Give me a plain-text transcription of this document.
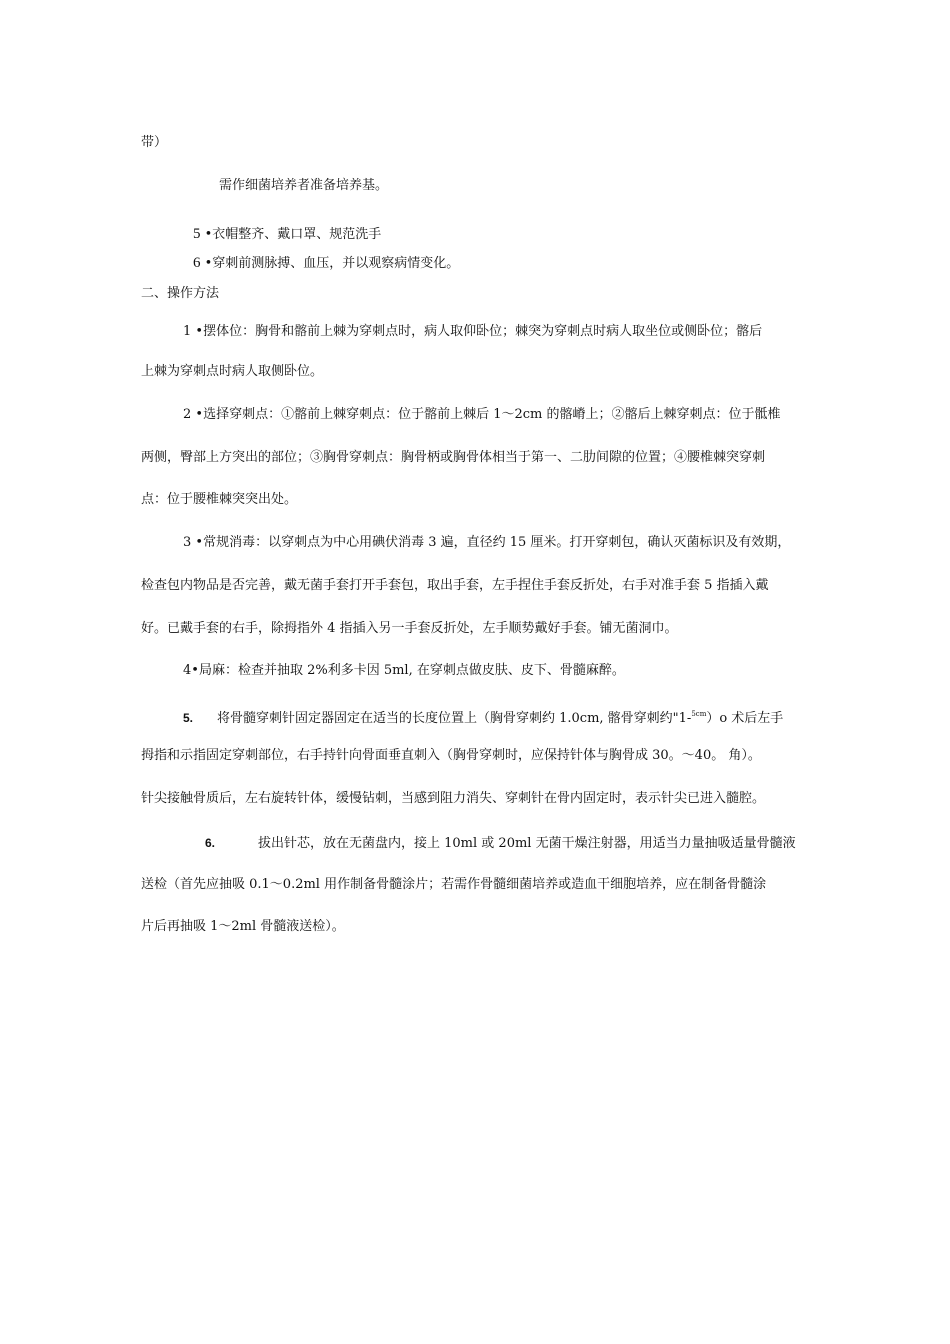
带）

需作细菌培养者准备培养基。

5 •衣帽整齐、戴口罩、规范洗手
6 •穿刺前测脉搏、血压，并以观察病情变化。

二、操作方法

1 •摆体位：胸骨和髂前上棘为穿刺点时，病人取仰卧位；棘突为穿刺点时病人取坐位或侧卧位；髂后

上棘为穿刺点时病人取侧卧位。

2 •选择穿刺点：①髂前上棘穿刺点：位于髂前上棘后 1〜2cm 的髂嵴上；②髂后上棘穿刺点：位于骶椎

两侧，臀部上方突出的部位；③胸骨穿刺点：胸骨柄或胸骨体相当于第一、二肋间隙的位置；④腰椎棘突穿刺

点：位于腰椎棘突突出处。

3 •常规消毒：以穿刺点为中心用碘伏消毒 3 遍，直径约 15 厘米。打开穿刺包，确认灭菌标识及有效期，

检查包内物品是否完善，戴无菌手套打开手套包，取出手套，左手捏住手套反折处，右手对准手套 5 指插入戴

好。已戴手套的右手，除拇指外 4 指插入另一手套反折处，左手顺势戴好手套。铺无菌洞巾。

4•局麻：检查并抽取 2%利多卡因 5ml, 在穿刺点做皮肤、皮下、骨髓麻醉。

5. 将骨髓穿刺针固定器固定在适当的长度位置上（胸骨穿刺约 1.0cm, 髂骨穿刺约"1-$^{5cm}$）o 术后左手

拇指和示指固定穿刺部位，右手持针向骨面垂直刺入（胸骨穿刺时，应保持针体与胸骨成 30。〜40。 角）。

针尖接触骨质后，左右旋转针体，缓慢钻刺，当感到阻力消失、穿刺针在骨内固定时，表示针尖已进入髓腔。

6.	拔出针芯，放在无菌盘内，接上 10ml 或 20ml 无菌干燥注射器，用适当力量抽吸适量骨髓液

送检（首先应抽吸 0.1〜0.2ml 用作制备骨髓涂片；若需作骨髓细菌培养或造血干细胞培养，应在制备骨髓涂

片后再抽吸 1〜2ml 骨髓液送检）。
